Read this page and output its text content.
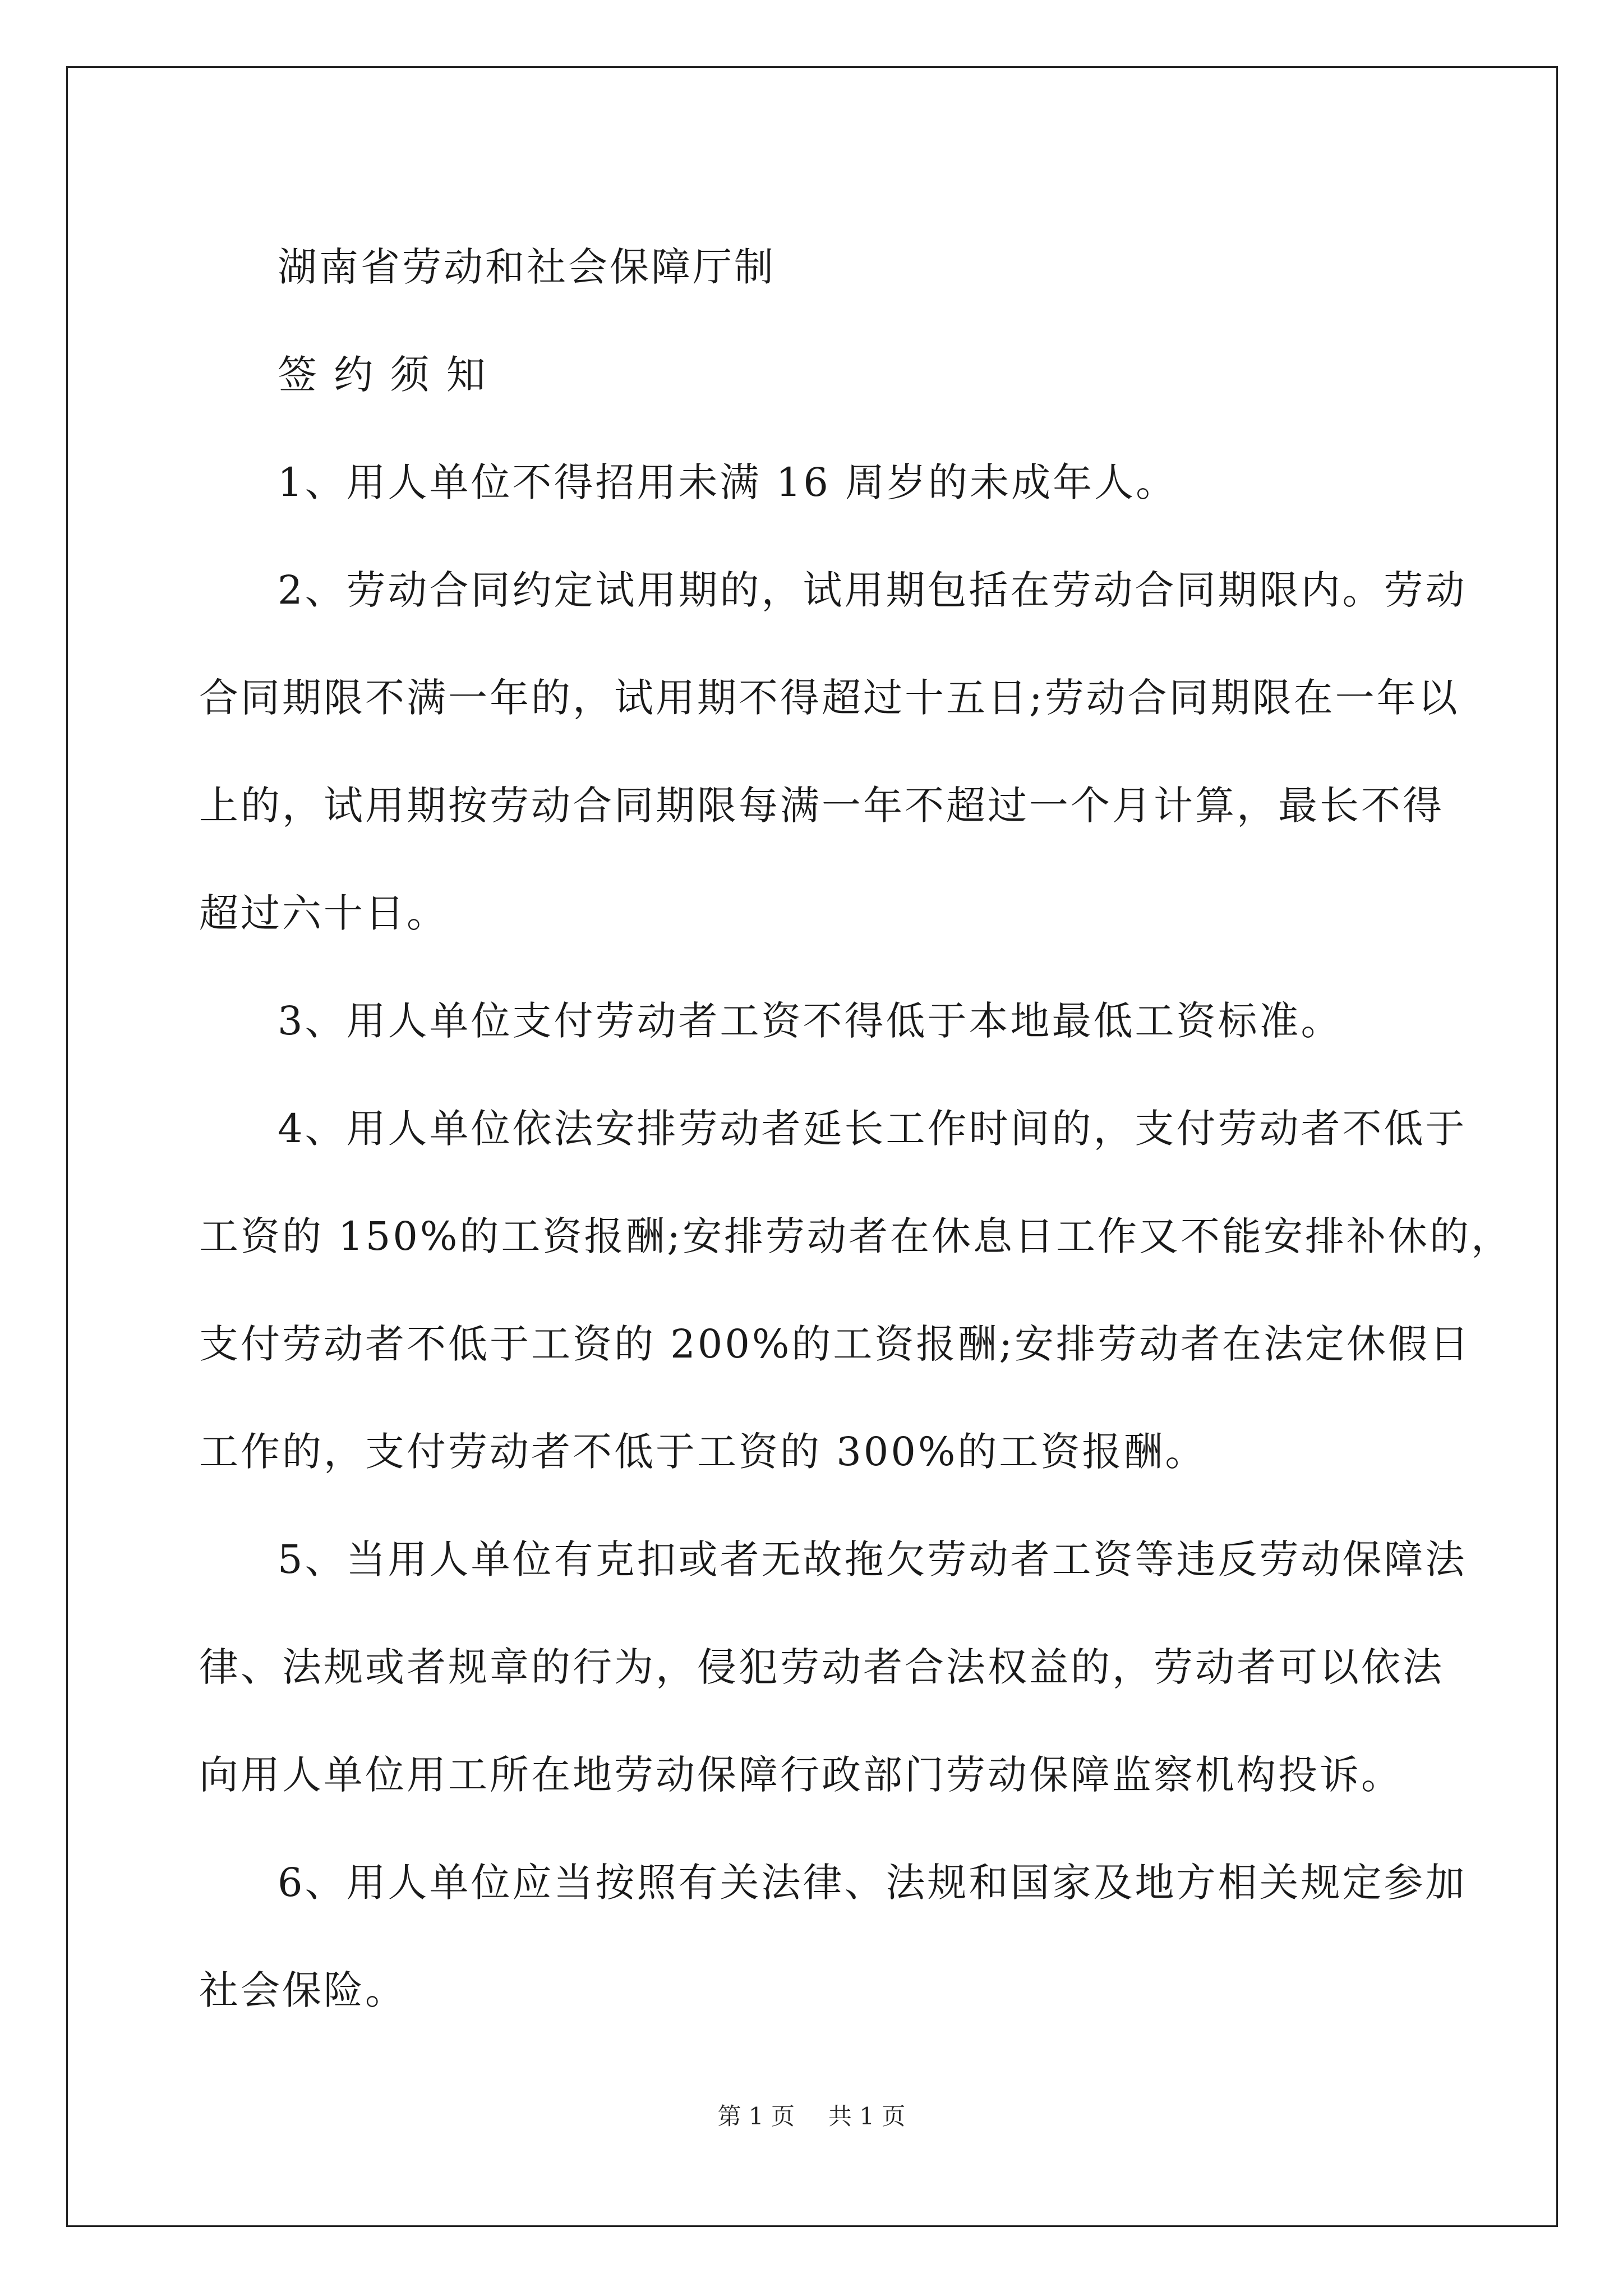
湖南省劳动和社会保障厅制
签 约 须 知
1、用人单位不得招用未满 16 周岁的未成年人。
2、劳动合同约定试用期的，试用期包括在劳动合同期限内。劳动
合同期限不满一年的，试用期不得超过十五日;劳动合同期限在一年以
上的，试用期按劳动合同期限每满一年不超过一个月计算，最长不得
超过六十日。
3、用人单位支付劳动者工资不得低于本地最低工资标准。
4、用人单位依法安排劳动者延长工作时间的，支付劳动者不低于
工资的 150%的工资报酬;安排劳动者在休息日工作又不能安排补休的，
支付劳动者不低于工资的 200%的工资报酬;安排劳动者在法定休假日
工作的，支付劳动者不低于工资的 300%的工资报酬。
5、当用人单位有克扣或者无故拖欠劳动者工资等违反劳动保障法
律、法规或者规章的行为，侵犯劳动者合法权益的，劳动者可以依法
向用人单位用工所在地劳动保障行政部门劳动保障监察机构投诉。
6、用人单位应当按照有关法律、法规和国家及地方相关规定参加
社会保险。
第 1 页 共 1 页
